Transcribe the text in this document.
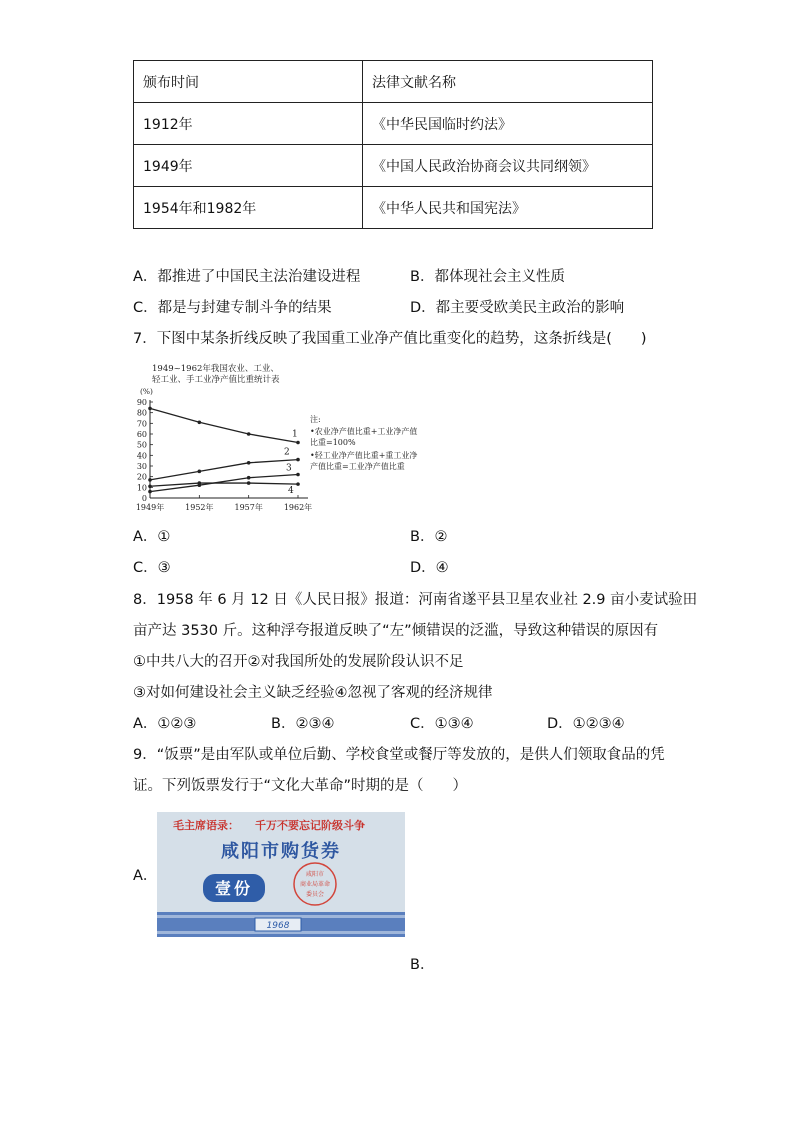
颁布时间	法律文献名称
1912年	《中华民国临时约法》
1949年	《中国人民政治协商会议共同纲领》
1954年和1982年	《中华人民共和国宪法》
A．都推进了中国民主法治建设进程	B．都体现社会主义性质
C．都是与封建专制斗争的结果	D．都主要受欧美民主政治的影响
7．下图中某条折线反映了我国重工业净产值比重变化的趋势，这条折线是(　　)
1949~1962年我国农业、工业、
轻工业、手工业净产值比重统计表
(%)
90
80
70
60
50
40
30
20
10
0
1949年	1952年	1957年	1962年
1
2
3
4
注:
•农业净产值比重+工业净产值
比重=100%
•轻工业净产值比重+重工业净
产值比重=工业净产值比重
A．①	B．②
C．③	D．④
8．1958 年 6 月 12 日《人民日报》报道：河南省遂平县卫星农业社 2.9 亩小麦试验田
亩产达 3530 斤。这种浮夸报道反映了“左”倾错误的泛滥，导致这种错误的原因有
①中共八大的召开②对我国所处的发展阶段认识不足
③对如何建设社会主义缺乏经验④忽视了客观的经济规律
A．①②③	B．②③④	C．①③④	D．①②③④
9．“饭票”是由军队或单位后勤、学校食堂或餐厅等发放的，是供人们领取食品的凭
证。下列饭票发行于“文化大革命”时期的是（　　）
A．
毛主席语录： 千万不要忘记阶级斗争
咸阳市购货券
壹份
咸阳市
商业局革命
委员会
1968
B．
